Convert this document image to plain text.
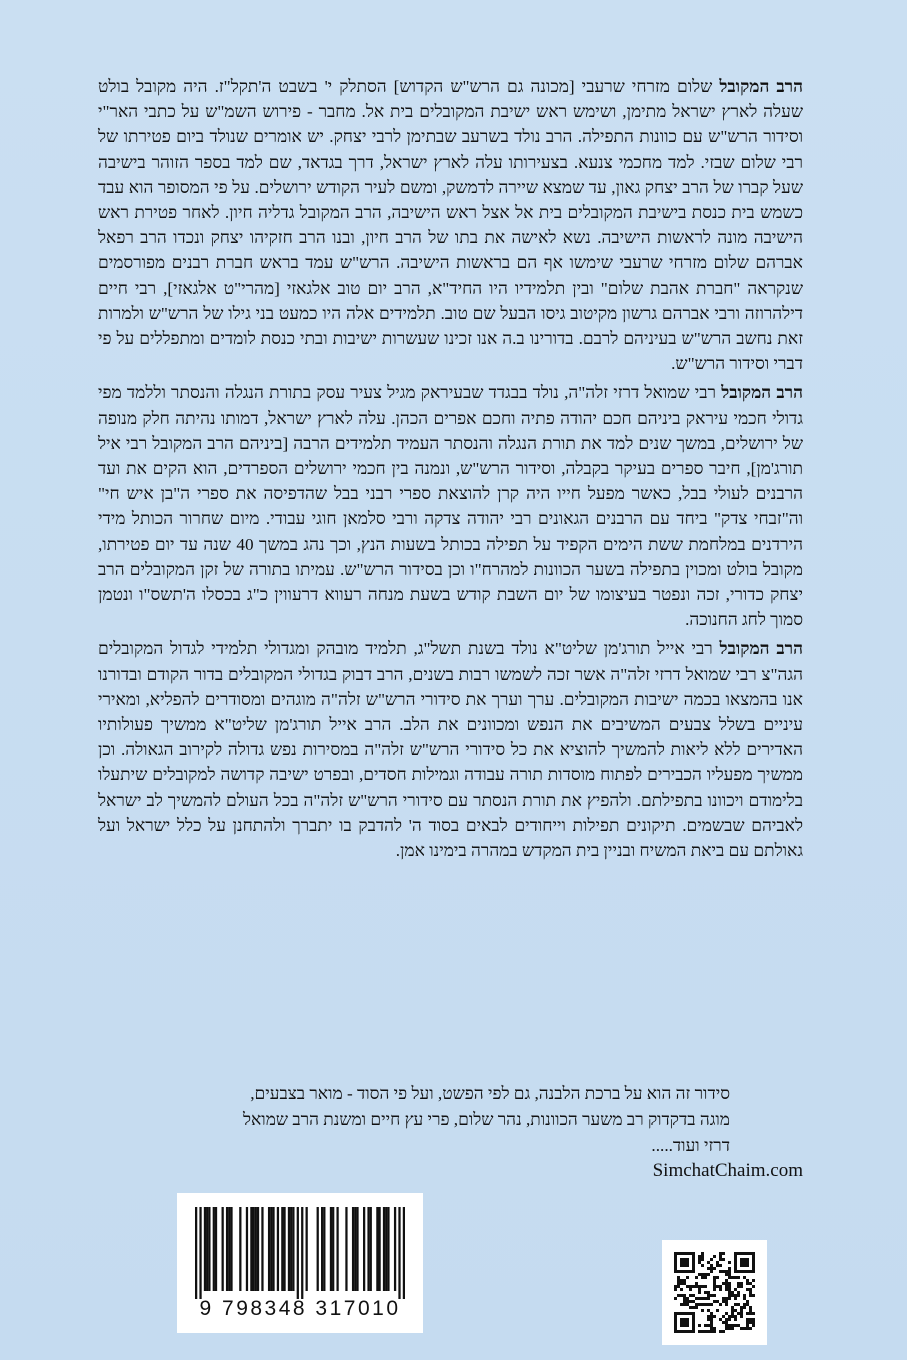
הרב המקובל שלום מזרחי שרעבי [מכונה גם הרש"ש הקדוש] הסתלק י' בשבט ה'תקל"ז. היה מקובל בולט שעלה לארץ ישראל מתימן, ושימש ראש ישיבת המקובלים בית אל. מחבר - פירוש השמ"ש על כתבי האר"י וסידור הרש"ש עם כוונות התפילה. הרב נולד בשרעב שבתימן לרבי יצחק. יש אומרים שנולד ביום פטירתו של רבי שלום שבזי. למד מחכמי צנעא. בצעירותו עלה לארץ ישראל, דרך בגדאד, שם למד בספר הזוהר בישיבה שעל קברו של הרב יצחק גאון, עד שמצא שיירה לדמשק, ומשם לעיר הקודש ירושלים. על פי המסופר הוא עבד כשמש בית כנסת בישיבת המקובלים בית אל אצל ראש הישיבה, הרב המקובל גדליה חיון. לאחר פטירת ראש הישיבה מונה לראשות הישיבה. נשא לאישה את בתו של הרב חיון, ובנו הרב חזקיהו יצחק ונכדו הרב רפאל אברהם שלום מזרחי שרעבי שימשו אף הם בראשות הישיבה. הרש"ש עמד בראש חברת רבנים מפורסמים שנקראה "חברת אהבת שלום" ובין תלמידיו היו החיד"א, הרב יום טוב אלגאזי [מהרי"ט אלגאזי], רבי חיים דילהרוזה ורבי אברהם גרשון מקיטוב גיסו הבעל שם טוב. תלמידים אלה היו כמעט בני גילו של הרש"ש ולמרות זאת נחשב הרש"ש בעיניהם לרבם. בדורינו ב.ה אנו זכינו שעשרות ישיבות ובתי כנסת לומדים ומתפללים על פי דברי וסידור הרש"ש.

הרב המקובל רבי שמואל דרזי זלה"ה, נולד בבגדד שבעיראק מגיל צעיר עסק בתורת הנגלה והנסתר וללמד מפי גדולי חכמי עיראק ביניהם חכם יהודה פתיה וחכם אפרים הכהן. עלה לארץ ישראל, דמותו נהיתה חלק מנופה של ירושלים, במשך שנים למד את תורת הנגלה והנסתר העמיד תלמידים הרבה [ביניהם הרב המקובל רבי איל תורג'מן], חיבר ספרים בעיקר בקבלה, וסידור הרש"ש, ונמנה בין חכמי ירושלים הספרדים, הוא הקים את ועד הרבנים לעולי בבל, כאשר מפעל חייו היה קרן להוצאת ספרי רבני בבל שהדפיסה את ספרי ה"בן איש חי" וה"זבחי צדק" ביחד עם הרבנים הגאונים רבי יהודה צדקה ורבי סלמאן חוגי עבודי. מיום שחרור הכותל מידי הירדנים במלחמת ששת הימים הקפיד על תפילה בכותל בשעות הנץ, וכך נהג במשך 40 שנה עד יום פטירתו, מקובל בולט ומכוין בתפילה בשער הכוונות למהרח"ו וכן בסידור הרש"ש. עמיתו בתורה של זקן המקובלים הרב יצחק כדורי, זכה ונפטר בעיצומו של יום השבת קודש בשעת מנחה רעווא דרעווין כ"ג בכסלו ה'תשס"ו ונטמן סמוך לחג החנוכה.

הרב המקובל רבי אייל תורג'מן שליט"א נולד בשנת תשל"ג, תלמיד מובהק ומגדולי תלמידי לגדול המקובלים הגה"צ רבי שמואל דרזי זלה"ה אשר זכה לשמשו רבות בשנים, הרב דבוק בגדולי המקובלים בדור הקודם ובדורנו אנו בהמצאו בכמה ישיבות המקובלים. ערך וערך את סידורי הרש"ש זלה"ה מוגהים ומסודרים להפליא, ומאירי עיניים בשלל צבעים המשיבים את הנפש ומכוונים את הלב. הרב אייל תורג'מן שליט"א ממשיך פעולותיו האדירים ללא ליאות להמשיך להוציא את כל סידורי הרש"ש זלה"ה במסירות נפש גדולה לקירוב הגאולה. וכן ממשיך מפעליו הכבירים לפתוח מוסדות תורה עבודה וגמילות חסדים, ובפרט ישיבה קדושה למקובלים שיתעלו בלימודם ויכוונו בתפילתם. ולהפיץ את תורת הנסתר עם סידורי הרש"ש זלה"ה בכל העולם להמשיך לב ישראל לאביהם שבשמים. תיקונים תפילות וייחודים לבאים בסוד ה' להדבק בו יתברך ולהתחנן על כלל ישראל ועל גאולתם עם ביאת המשיח ובניין בית המקדש במהרה בימינו אמן.

סידור זה הוא על ברכת הלבנה, גם לפי הפשט, ועל פי הסוד - מואר בצבעים,
מוגה בדקדוק רב משער הכוונות, נהר שלום, פרי עץ חיים ומשנת הרב שמואל
דרזי ועוד.....
SimchatChaim.com
9 798348 317010
